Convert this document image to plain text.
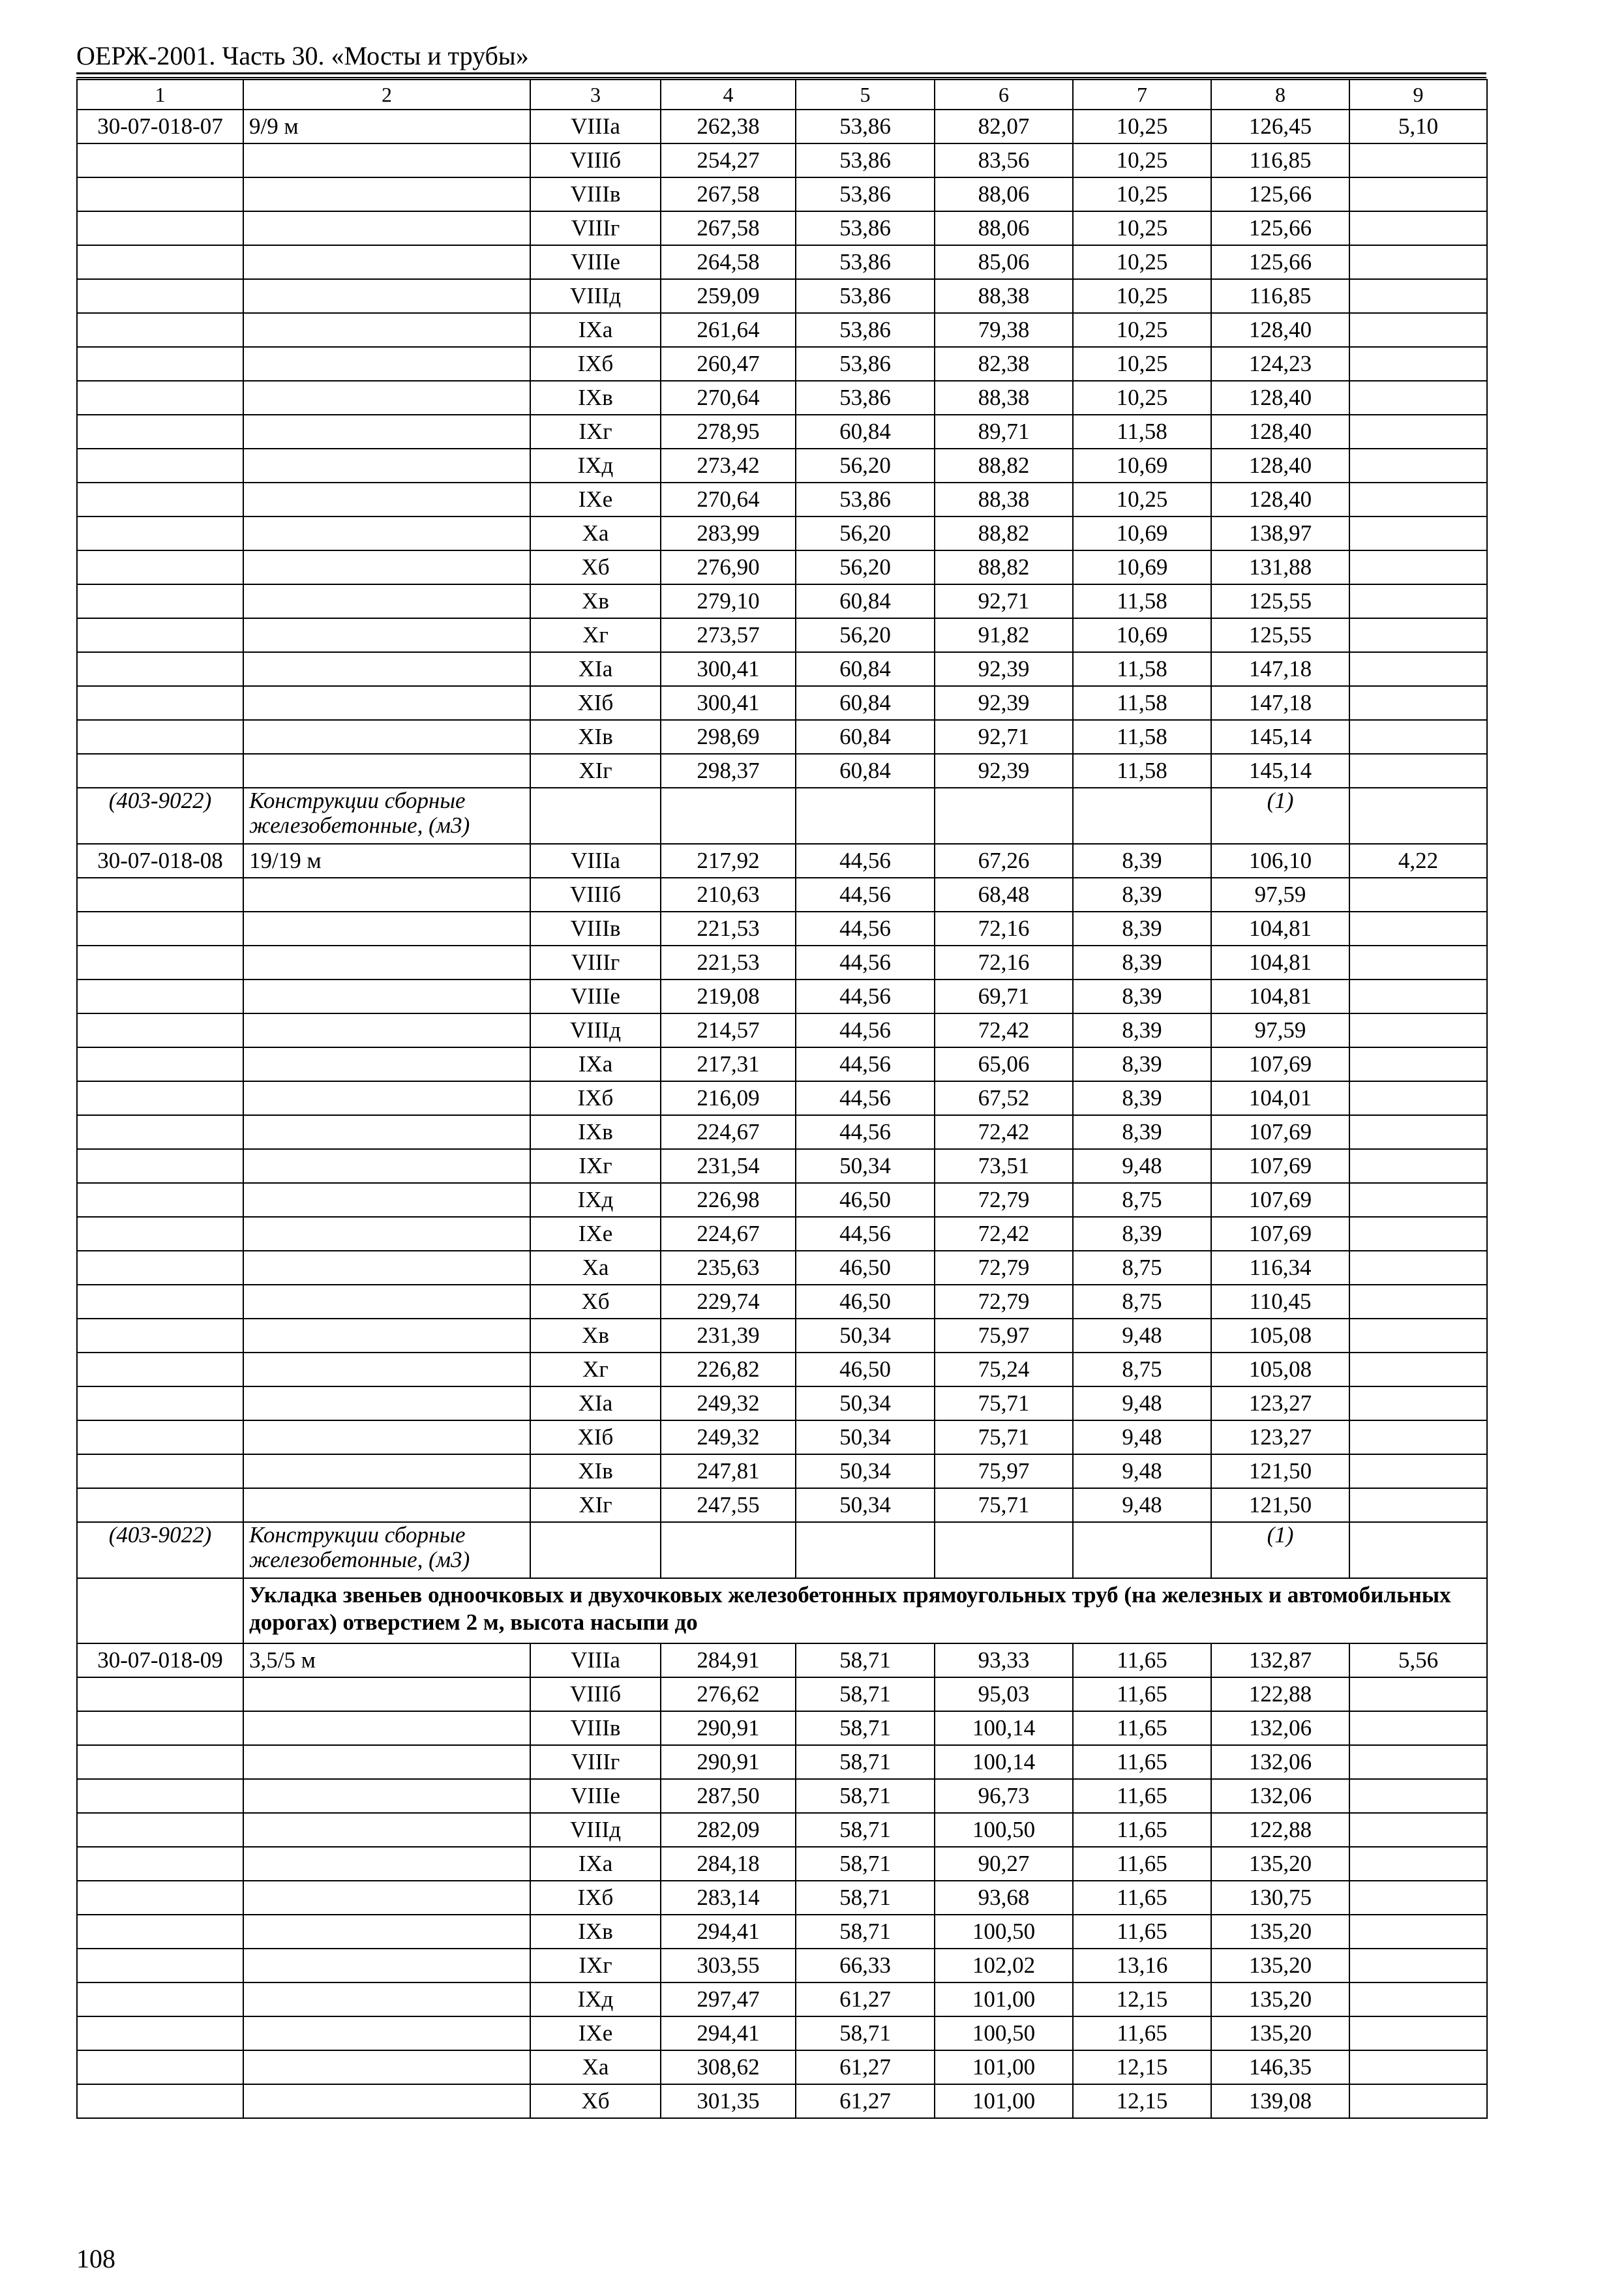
ОЕРЖ-2001. Часть 30. «Мосты и трубы»
1	2	3	4	5	6	7	8	9
30-07-018-07	9/9 м	VIIIа	262,38	53,86	82,07	10,25	126,45	5,10
		VIIIб	254,27	53,86	83,56	10,25	116,85	
		VIIIв	267,58	53,86	88,06	10,25	125,66	
		VIIIг	267,58	53,86	88,06	10,25	125,66	
		VIIIе	264,58	53,86	85,06	10,25	125,66	
		VIIIд	259,09	53,86	88,38	10,25	116,85	
		IXа	261,64	53,86	79,38	10,25	128,40	
		IXб	260,47	53,86	82,38	10,25	124,23	
		IXв	270,64	53,86	88,38	10,25	128,40	
		IXг	278,95	60,84	89,71	11,58	128,40	
		IXд	273,42	56,20	88,82	10,69	128,40	
		IXе	270,64	53,86	88,38	10,25	128,40	
		Xа	283,99	56,20	88,82	10,69	138,97	
		Xб	276,90	56,20	88,82	10,69	131,88	
		Xв	279,10	60,84	92,71	11,58	125,55	
		Xг	273,57	56,20	91,82	10,69	125,55	
		XIа	300,41	60,84	92,39	11,58	147,18	
		XIб	300,41	60,84	92,39	11,58	147,18	
		XIв	298,69	60,84	92,71	11,58	145,14	
		XIг	298,37	60,84	92,39	11,58	145,14	
(403-9022)	Конструкции сборные железобетонные, (м3)						(1)	
30-07-018-08	19/19 м	VIIIа	217,92	44,56	67,26	8,39	106,10	4,22
		VIIIб	210,63	44,56	68,48	8,39	97,59	
		VIIIв	221,53	44,56	72,16	8,39	104,81	
		VIIIг	221,53	44,56	72,16	8,39	104,81	
		VIIIе	219,08	44,56	69,71	8,39	104,81	
		VIIIд	214,57	44,56	72,42	8,39	97,59	
		IXа	217,31	44,56	65,06	8,39	107,69	
		IXб	216,09	44,56	67,52	8,39	104,01	
		IXв	224,67	44,56	72,42	8,39	107,69	
		IXг	231,54	50,34	73,51	9,48	107,69	
		IXд	226,98	46,50	72,79	8,75	107,69	
		IXе	224,67	44,56	72,42	8,39	107,69	
		Xа	235,63	46,50	72,79	8,75	116,34	
		Xб	229,74	46,50	72,79	8,75	110,45	
		Xв	231,39	50,34	75,97	9,48	105,08	
		Xг	226,82	46,50	75,24	8,75	105,08	
		XIа	249,32	50,34	75,71	9,48	123,27	
		XIб	249,32	50,34	75,71	9,48	123,27	
		XIв	247,81	50,34	75,97	9,48	121,50	
		XIг	247,55	50,34	75,71	9,48	121,50	
(403-9022)	Конструкции сборные железобетонные, (м3)						(1)	
	Укладка звеньев одноочковых и двухочковых железобетонных прямоугольных труб (на железных и автомобильных дорогах) отверстием 2 м, высота насыпи до							
30-07-018-09	3,5/5 м	VIIIа	284,91	58,71	93,33	11,65	132,87	5,56
		VIIIб	276,62	58,71	95,03	11,65	122,88	
		VIIIв	290,91	58,71	100,14	11,65	132,06	
		VIIIг	290,91	58,71	100,14	11,65	132,06	
		VIIIе	287,50	58,71	96,73	11,65	132,06	
		VIIIд	282,09	58,71	100,50	11,65	122,88	
		IXа	284,18	58,71	90,27	11,65	135,20	
		IXб	283,14	58,71	93,68	11,65	130,75	
		IXв	294,41	58,71	100,50	11,65	135,20	
		IXг	303,55	66,33	102,02	13,16	135,20	
		IXд	297,47	61,27	101,00	12,15	135,20	
		IXе	294,41	58,71	100,50	11,65	135,20	
		Xа	308,62	61,27	101,00	12,15	146,35	
		Xб	301,35	61,27	101,00	12,15	139,08	
108
